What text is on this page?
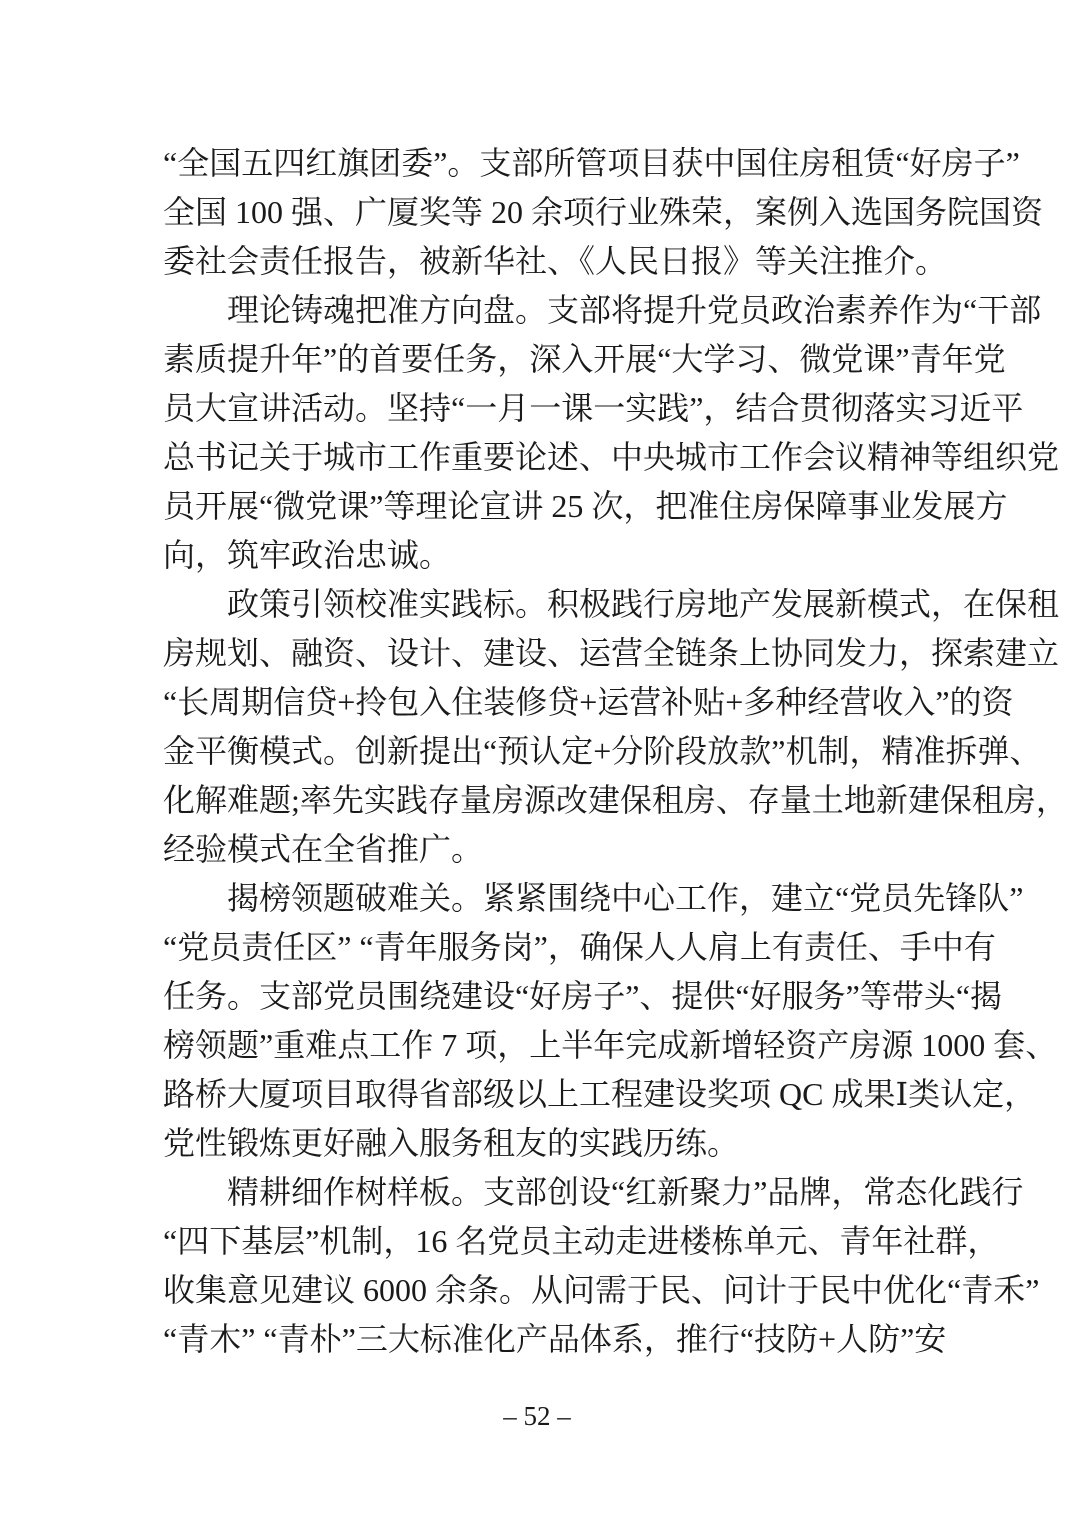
“全国五四红旗团委”。支部所管项目获中国住房租赁“好房子”
全国 100 强、广厦奖等 20 余项行业殊荣，案例入选国务院国资
委社会责任报告，被新华社、《人民日报》等关注推介。
理论铸魂把准方向盘。支部将提升党员政治素养作为“干部
素质提升年”的首要任务，深入开展“大学习、微党课”青年党
员大宣讲活动。坚持“一月一课一实践”，结合贯彻落实习近平
总书记关于城市工作重要论述、中央城市工作会议精神等组织党
员开展“微党课”等理论宣讲 25 次，把准住房保障事业发展方
向，筑牢政治忠诚。
政策引领校准实践标。积极践行房地产发展新模式，在保租
房规划、融资、设计、建设、运营全链条上协同发力，探索建立
“长周期信贷+拎包入住装修贷+运营补贴+多种经营收入”的资
金平衡模式。创新提出“预认定+分阶段放款”机制，精准拆弹、
化解难题;率先实践存量房源改建保租房、存量土地新建保租房，
经验模式在全省推广。
揭榜领题破难关。紧紧围绕中心工作，建立“党员先锋队”
“党员责任区” “青年服务岗”，确保人人肩上有责任、手中有
任务。支部党员围绕建设“好房子”、提供“好服务”等带头“揭
榜领题”重难点工作 7 项，上半年完成新增轻资产房源 1000 套、
路桥大厦项目取得省部级以上工程建设奖项 QC 成果Ⅰ类认定，
党性锻炼更好融入服务租友的实践历练。
精耕细作树样板。支部创设“红新聚力”品牌，常态化践行
“四下基层”机制，16 名党员主动走进楼栋单元、青年社群，
收集意见建议 6000 余条。从问需于民、问计于民中优化“青禾”
“青木” “青朴”三大标准化产品体系，推行“技防+人防”安
– 52 –
